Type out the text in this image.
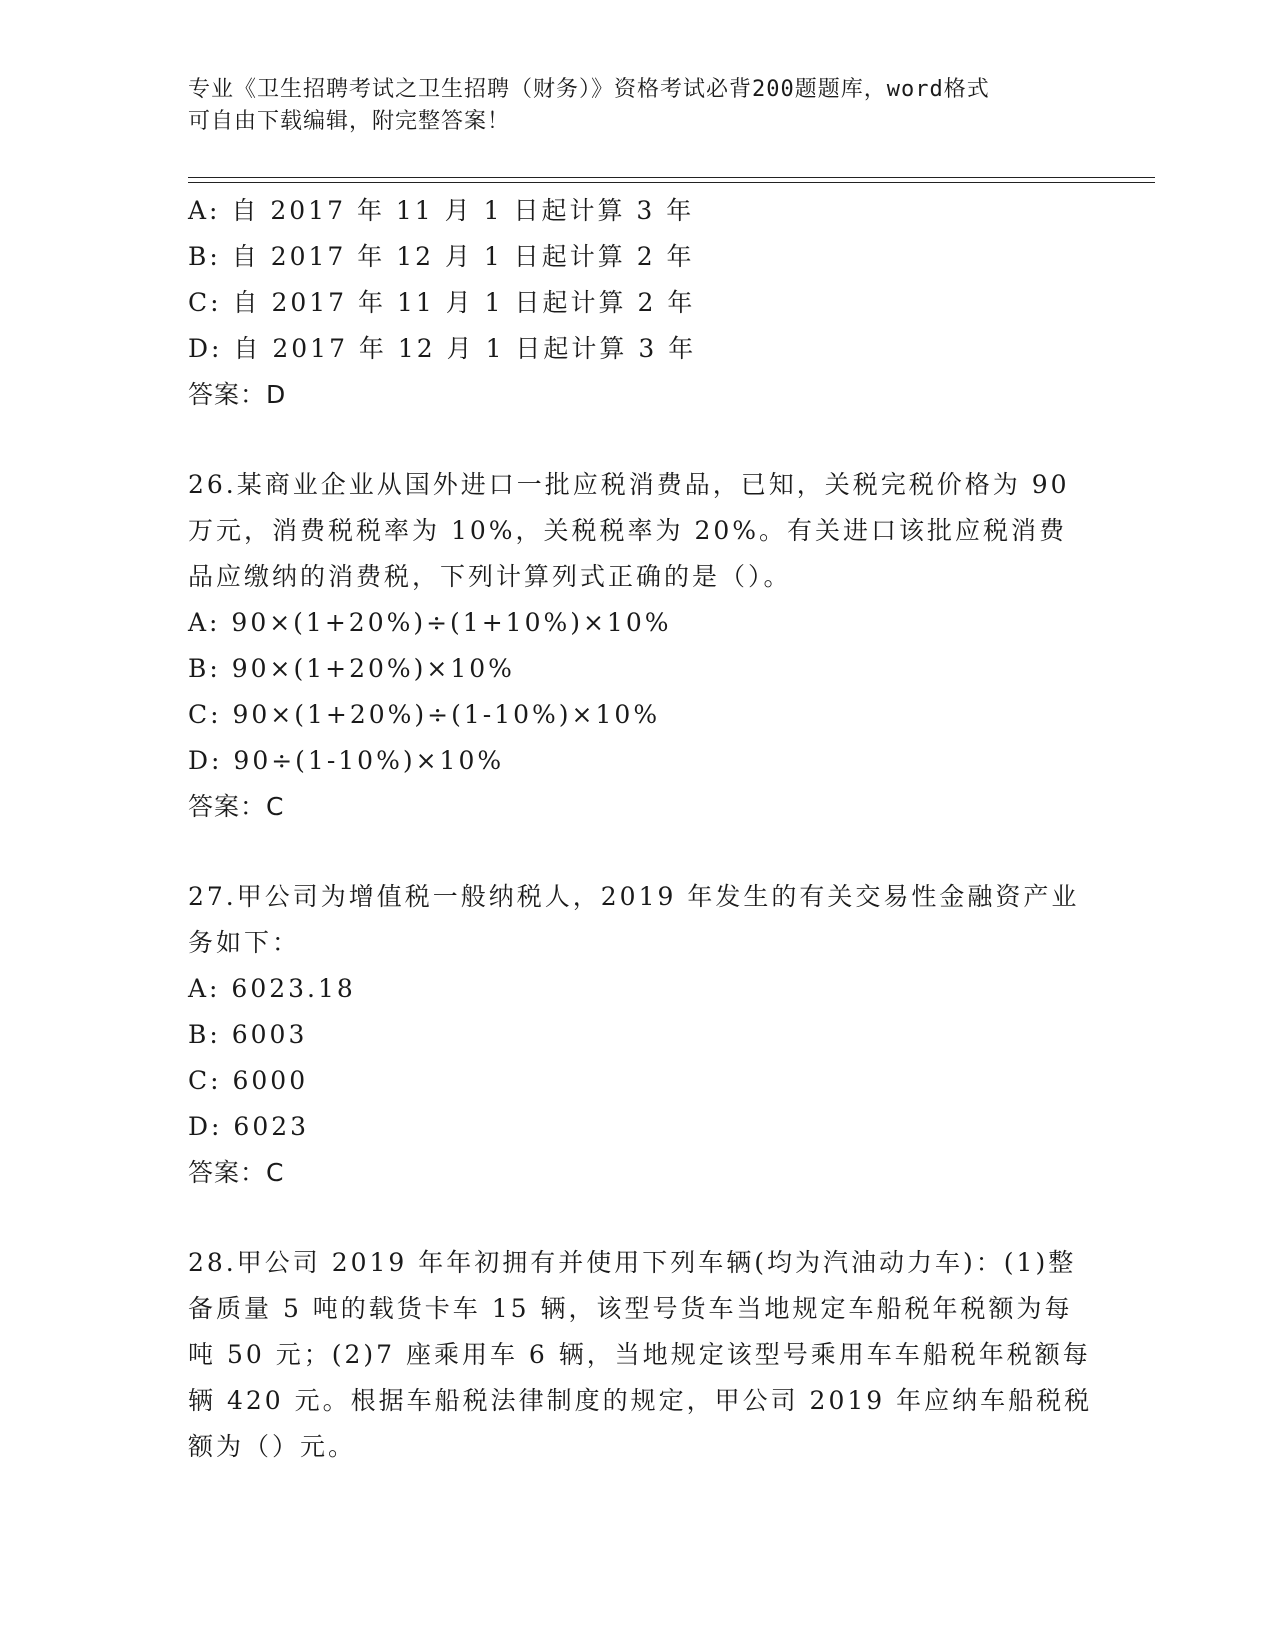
专业《卫生招聘考试之卫生招聘（财务）》资格考试必背200题题库，word格式
可自由下载编辑，附完整答案！
A: 自 2017 年 11 月 1 日起计算 3 年
B: 自 2017 年 12 月 1 日起计算 2 年
C: 自 2017 年 11 月 1 日起计算 2 年
D: 自 2017 年 12 月 1 日起计算 3 年
答案：D
26.某商业企业从国外进口一批应税消费品，已知，关税完税价格为 90
万元，消费税税率为 10%，关税税率为 20%。有关进口该批应税消费
品应缴纳的消费税，下列计算列式正确的是（）。
A: 90×(1+20%)÷(1+10%)×10%
B: 90×(1+20%)×10%
C: 90×(1+20%)÷(1-10%)×10%
D: 90÷(1-10%)×10%
答案：C
27.甲公司为增值税一般纳税人，2019 年发生的有关交易性金融资产业
务如下：
A: 6023.18
B: 6003
C: 6000
D: 6023
答案：C
28.甲公司 2019 年年初拥有并使用下列车辆(均为汽油动力车)：(1)整
备质量 5 吨的载货卡车 15 辆，该型号货车当地规定车船税年税额为每
吨 50 元；(2)7 座乘用车 6 辆，当地规定该型号乘用车车船税年税额每
辆 420 元。根据车船税法律制度的规定，甲公司 2019 年应纳车船税税
额为（）元。
